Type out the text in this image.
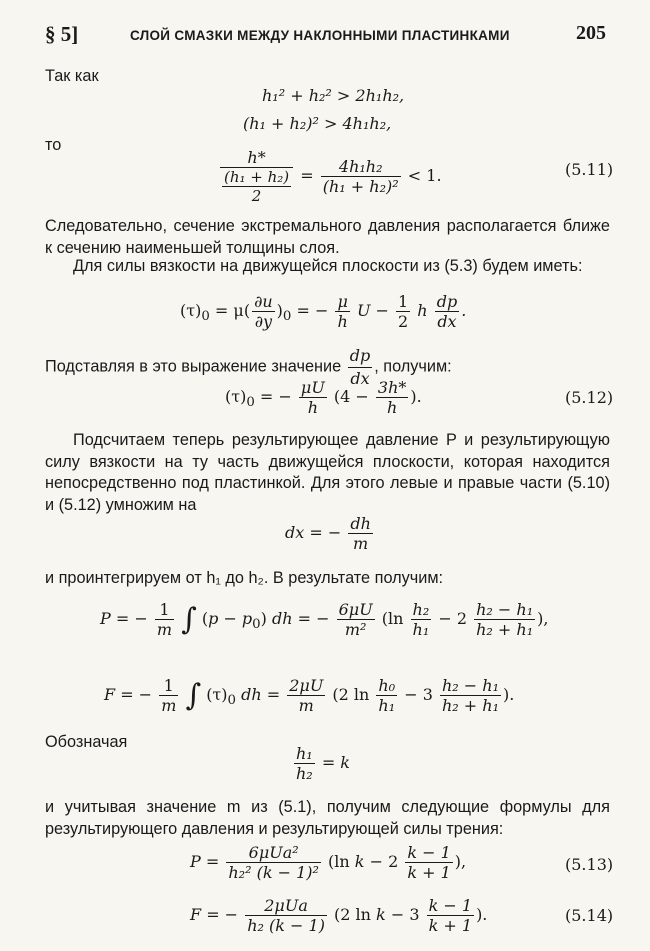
§ 5]	СЛОЙ СМАЗКИ МЕЖДУ НАКЛОННЫМИ ПЛАСТИНКАМИ	205
Так как
h₁² + h₂² > 2h₁h₂,
(h₁ + h₂)² > 4h₁h₂,
то
$\frac{h*}{\frac{\text{(h₁ + h₂)}}{2}} = \frac{\text{4h₁h₂}}{\text{(h₁ + h₂)²}} < 1$.	(5.11)
Следовательно, сечение экстремального давления располагается ближе к сечению наименьшей толщины слоя.
Для силы вязкости на движущейся плоскости из (5.3) будем иметь:
$(\tau)_0 = \mu( \frac{\partial u}{\partial y} )_0$ = − $\frac{\mu}{h}$ $U - \frac{1}{2}$ h $\frac{dp}{dx}$ .
Подставляя в это выражение значение $\frac{dp}{dx}$ , получим:
$(\tau)_0$ = − $\frac{\mu U}{h} (4 - \frac{3h*}{h}$ ).	(5.12)
Подсчитаем теперь результирующее давление P и результирующую силу вязкости на ту часть движущейся плоскости, которая находится непосредственно под пластинкой. Для этого левые и правые части (5.10) и (5.12) умножим на
dx = − $\frac{dh}{m}$
и проинтегрируем от h₁ до h₂. В результате получим:
P = − $\frac{1}{m}$ ∫ $(p - p_0)$ dh = − $\frac{6\mu U}{\text{m²}} (\ln \frac{\text{h₂}}{\text{h₁}} - 2 \frac{\text{h₂ − h₁}}{\text{h₂ + h₁}}$ ),
F = − $\frac{1}{m}$ ∫ $(\tau)_0$ dh = $\frac{2\mu U}{m} (2$ $\ln \frac{\text{h₀}}{\text{h₁}} - 3 \frac{\text{h₂ − h₁}}{\text{h₂ + h₁}}$ ).
Обозначая
$\frac{\text{h₁}}{\text{h₂}} = k$
и учитывая значение m из (5.1), получим следующие формулы для результирующего давления и результирующей силы трения:
$P = \frac{\text{6μUa²}}{\text{h₂² (k − 1)²}} (\ln$ $k - 2 \frac{k - 1}{k + 1}$ ),	(5.13)
F = − $\frac{\text{2μUa}}{\text{h₂ (k − 1)}} (2$ $\ln k - 3 \frac{k - 1}{k + 1}$ ).	(5.14)
